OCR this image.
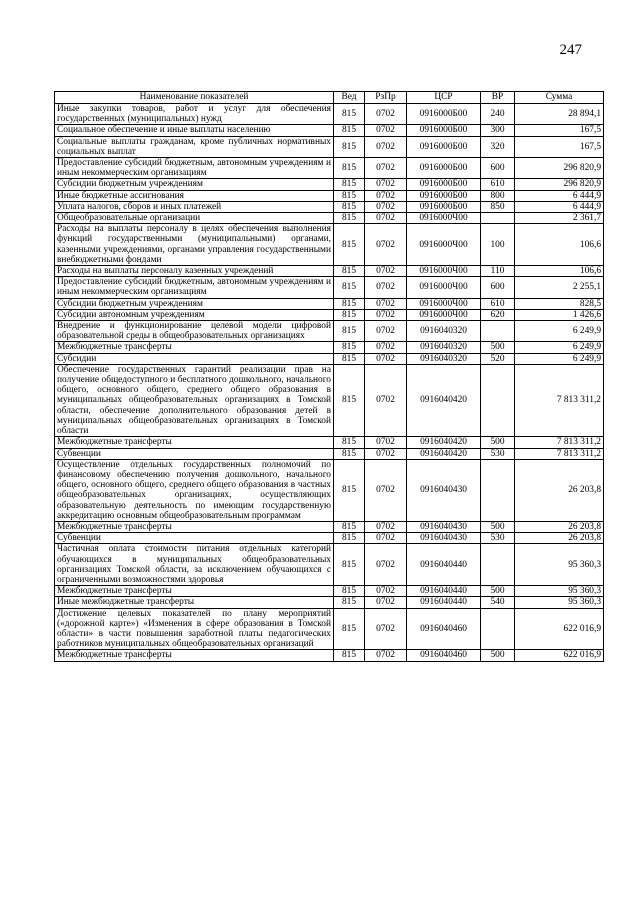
247
Наименование показателей	Вед	РзПр	ЦСР	ВР	Сумма
Иные закупки товаров, работ и услуг для обеспечения государственных (муниципальных) нужд	815	0702	0916000Б00	240	28 894,1
Социальное обеспечение и иные выплаты населению	815	0702	0916000Б00	300	167,5
Социальные выплаты гражданам, кроме публичных нормативных социальных выплат	815	0702	0916000Б00	320	167,5
Предоставление субсидий бюджетным, автономным учреждениям и иным некоммерческим организациям	815	0702	0916000Б00	600	296 820,9
Субсидии бюджетным учреждениям	815	0702	0916000Б00	610	296 820,9
Иные бюджетные ассигнования	815	0702	0916000Б00	800	6 444,9
Уплата налогов, сборов и иных платежей	815	0702	0916000Б00	850	6 444,9
Общеобразовательные организации	815	0702	0916000Ч00		2 361,7
Расходы на выплаты персоналу в целях обеспечения выполнения функций государственными (муниципальными) органами, казенными учреждениями, органами управления государственными внебюджетными фондами	815	0702	0916000Ч00	100	106,6
Расходы на выплаты персоналу казенных учреждений	815	0702	0916000Ч00	110	106,6
Предоставление субсидий бюджетным, автономным учреждениям и иным некоммерческим организациям	815	0702	0916000Ч00	600	2 255,1
Субсидии бюджетным учреждениям	815	0702	0916000Ч00	610	828,5
Субсидии автономным учреждениям	815	0702	0916000Ч00	620	1 426,6
Внедрение и функционирование целевой модели цифровой образовательной среды в общеобразовательных организациях	815	0702	0916040320		6 249,9
Межбюджетные трансферты	815	0702	0916040320	500	6 249,9
Субсидии	815	0702	0916040320	520	6 249,9
Обеспечение государственных гарантий реализации прав на получение общедоступного и бесплатного дошкольного, начального общего, основного общего, среднего общего образования в муниципальных общеобразовательных организациях в Томской области, обеспечение дополнительного образования детей в муниципальных общеобразовательных организациях в Томской области	815	0702	0916040420		7 813 311,2
Межбюджетные трансферты	815	0702	0916040420	500	7 813 311,2
Субвенции	815	0702	0916040420	530	7 813 311,2
Осуществление отдельных государственных полномочий по финансовому обеспечению получения дошкольного, начального общего, основного общего, среднего общего образования в частных общеобразовательных организациях, осуществляющих образовательную деятельность по имеющим государственную аккредитацию основным общеобразовательным программам	815	0702	0916040430		26 203,8
Межбюджетные трансферты	815	0702	0916040430	500	26 203,8
Субвенции	815	0702	0916040430	530	26 203,8
Частичная оплата стоимости питания отдельных категорий обучающихся в муниципальных общеобразовательных организациях Томской области, за исключением обучающихся с ограниченными возможностями здоровья	815	0702	0916040440		95 360,3
Межбюджетные трансферты	815	0702	0916040440	500	95 360,3
Иные межбюджетные трансферты	815	0702	0916040440	540	95 360,3
Достижение целевых показателей по плану мероприятий («дорожной карте») «Изменения в сфере образования в Томской области» в части повышения заработной платы педагогических работников муниципальных общеобразовательных организаций	815	0702	0916040460		622 016,9
Межбюджетные трансферты	815	0702	0916040460	500	622 016,9
